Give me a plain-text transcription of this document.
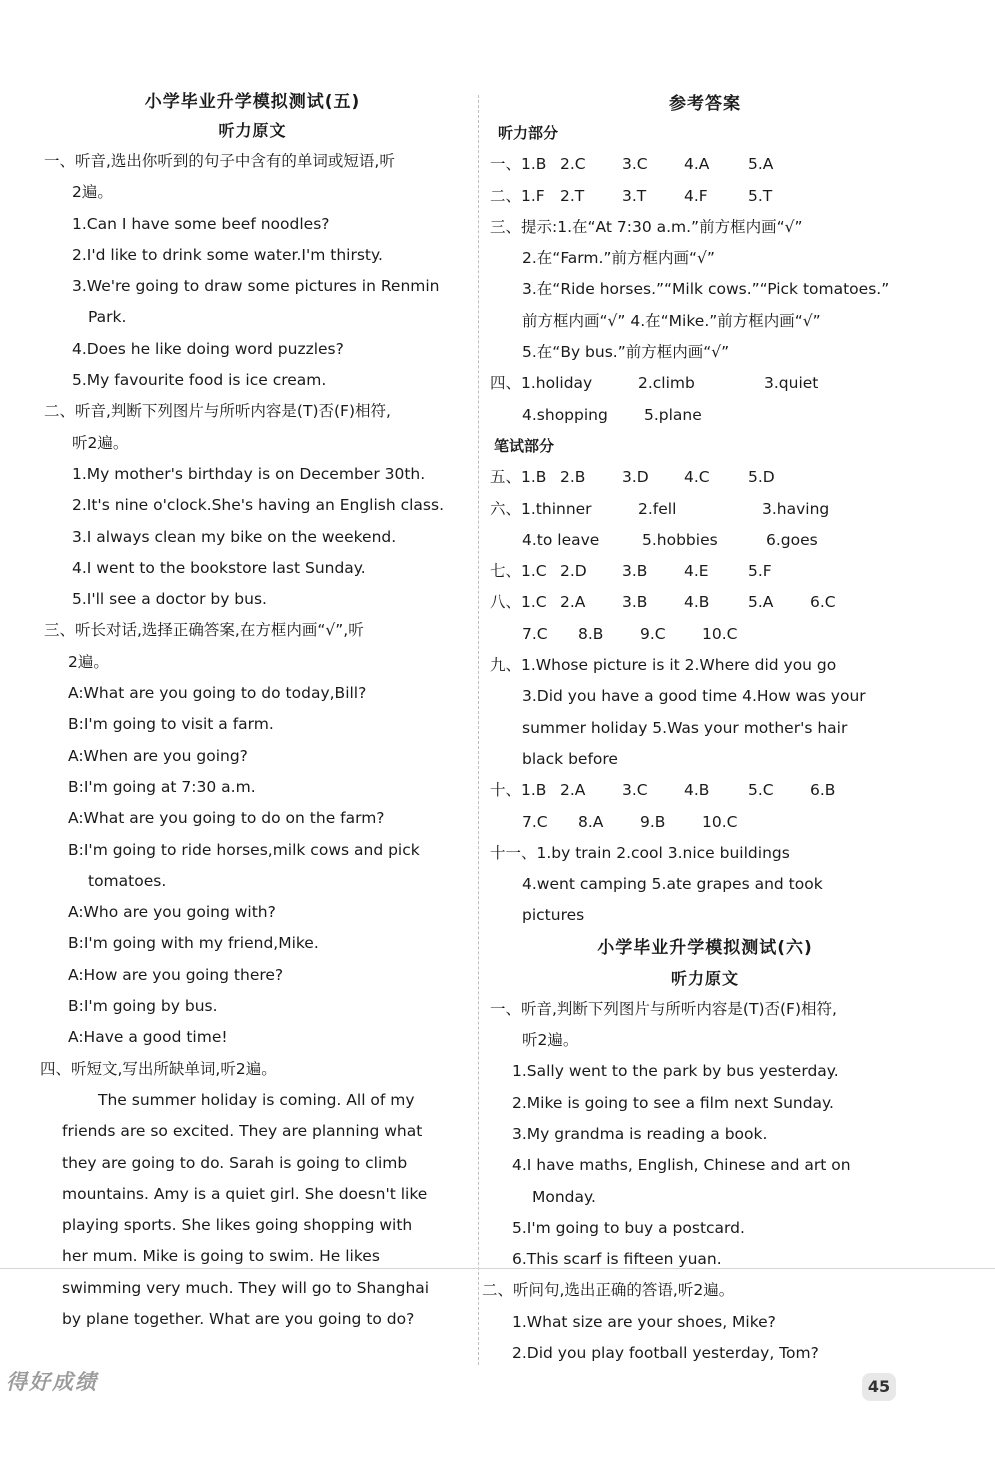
小学毕业升学模拟测试(五)
听力原文
一、听音,选出你听到的句子中含有的单词或短语,听
2遍。
1.Can I have some beef noodles?
2.I'd like to drink some water.I'm thirsty.
3.We're going to draw some pictures in Renmin
Park.
4.Does he like doing word puzzles?
5.My favourite food is ice cream.
二、听音,判断下列图片与所听内容是(T)否(F)相符,
听2遍。
1.My mother's birthday is on December 30th.
2.It's nine o'clock.She's having an English class.
3.I always clean my bike on the weekend.
4.I went to the bookstore last Sunday.
5.I'll see a doctor by bus.
三、听长对话,选择正确答案,在方框内画“√”,听
2遍。
A:What are you going to do today,Bill?
B:I'm going to visit a farm.
A:When are you going?
B:I'm going at 7:30 a.m.
A:What are you going to do on the farm?
B:I'm going to ride horses,milk cows and pick
tomatoes.
A:Who are you going with?
B:I'm going with my friend,Mike.
A:How are you going there?
B:I'm going by bus.
A:Have a good time!
四、听短文,写出所缺单词,听2遍。
The summer holiday is coming. All of my
friends are so excited. They are planning what
they are going to do. Sarah is going to climb
mountains. Amy is a quiet girl. She doesn't like
playing sports. She likes going shopping with
her mum. Mike is going to swim. He likes
swimming very much. They will go to Shanghai
by plane together. What are you going to do?
参考答案
听力部分
一、1.B 2.C 3.C 4.A 5.A
二、1.F 2.T 3.T 4.F	5.T
三、提示:1.在“At 7:30 a.m.”前方框内画“√”
2.在“Farm.”前方框内画“√”
3.在“Ride horses.”“Milk cows.”“Pick tomatoes.”
前方框内画“√” 4.在“Mike.”前方框内画“√”
5.在“By bus.”前方框内画“√”
四、1.holiday	2.climb	3.quiet
4.shopping 5.plane
笔试部分
五、1.B 2.B 3.D 4.C 5.D
六、1.thinner	2.fell	3.having
4.to leave	5.hobbies	6.goes
七、1.C 2.D 3.B 4.E	5.F
八、1.C 2.A 3.B 4.B 5.A 6.C
7.C 8.B 9.C 10.C
九、1.Whose picture is it 2.Where did you go
3.Did you have a good time 4.How was your
summer holiday 5.Was your mother's hair
black before
十、1.B 2.A 3.C 4.B 5.C 6.B
7.C 8.A 9.B 10.C
十一、1.by train 2.cool 3.nice buildings
4.went camping 5.ate grapes and took
pictures
小学毕业升学模拟测试(六)
听力原文
一、听音,判断下列图片与所听内容是(T)否(F)相符,
听2遍。
1.Sally went to the park by bus yesterday.
2.Mike is going to see a film next Sunday.
3.My grandma is reading a book.
4.I have maths, English, Chinese and art on
Monday.
5.I'm going to buy a postcard.
6.This scarf is fifteen yuan.
二、听问句,选出正确的答语,听2遍。
1.What size are your shoes, Mike?
2.Did you play football yesterday, Tom?
得好成绩	45
